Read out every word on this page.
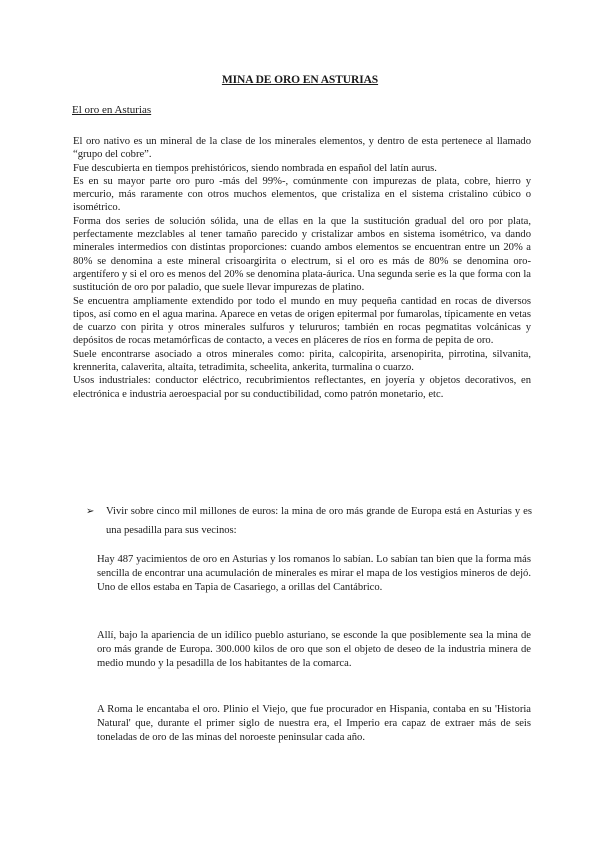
MINA DE ORO EN ASTURIAS
El oro en Asturias

El oro nativo es un mineral de la clase de los minerales elementos, y dentro de esta pertenece al llamado “grupo del cobre”.

Fue descubierta en tiempos prehistóricos, siendo nombrada en español del latín aurus.

Es en su mayor parte oro puro -más del 99%-, comúnmente con impurezas de plata, cobre, hierro y mercurio, más raramente con otros muchos elementos, que cristaliza en el sistema cristalino cúbico o isométrico.

Forma dos series de solución sólida, una de ellas en la que la sustitución gradual del oro por plata, perfectamente mezclables al tener tamaño parecido y cristalizar ambos en sistema isométrico, va dando minerales intermedios con distintas proporciones: cuando ambos elementos se encuentran entre un 20% a 80% se denomina a este mineral crisoargirita o electrum, si el oro es más de 80% se denomina oro-argentífero y si el oro es menos del 20% se denomina plata-áurica. Una segunda serie es la que forma con la sustitución de oro por paladio, que suele llevar impurezas de platino.

Se encuentra ampliamente extendido por todo el mundo en muy pequeña cantidad en rocas de diversos tipos, así como en el agua marina. Aparece en vetas de origen epitermal por fumarolas, típicamente en vetas de cuarzo con pirita y otros minerales sulfuros y telururos; también en rocas pegmatitas volcánicas y depósitos de rocas metamórficas de contacto, a veces en pláceres de ríos en forma de pepita de oro.

Suele encontrarse asociado a otros minerales como: pirita, calcopirita, arsenopirita, pirrotina, silvanita, krennerita, calaverita, altaíta, tetradimita, scheelita, ankerita, turmalina o cuarzo.

Usos industriales: conductor eléctrico, recubrimientos reflectantes, en joyería y objetos decorativos, en electrónica e industria aeroespacial por su conductibilidad, como patrón monetario, etc.

➢	Vivir sobre cinco mil millones de euros: la mina de oro más grande de Europa está en Asturias y es una pesadilla para sus vecinos:

Hay 487 yacimientos de oro en Asturias y los romanos lo sabían. Lo sabían tan bien que la forma más sencilla de encontrar una acumulación de minerales es mirar el mapa de los vestigios mineros de dejó. Uno de ellos estaba en Tapia de Casariego, a orillas del Cantábrico.

Allí, bajo la apariencia de un idílico pueblo asturiano, se esconde la que posiblemente sea la mina de oro más grande de Europa. 300.000 kilos de oro que son el objeto de deseo de la industria minera de medio mundo y la pesadilla de los habitantes de la comarca.

A Roma le encantaba el oro. Plinio el Viejo, que fue procurador en Hispania, contaba en su 'Historia Natural' que, durante el primer siglo de nuestra era, el Imperio era capaz de extraer más de seis toneladas de oro de las minas del noroeste peninsular cada año.
